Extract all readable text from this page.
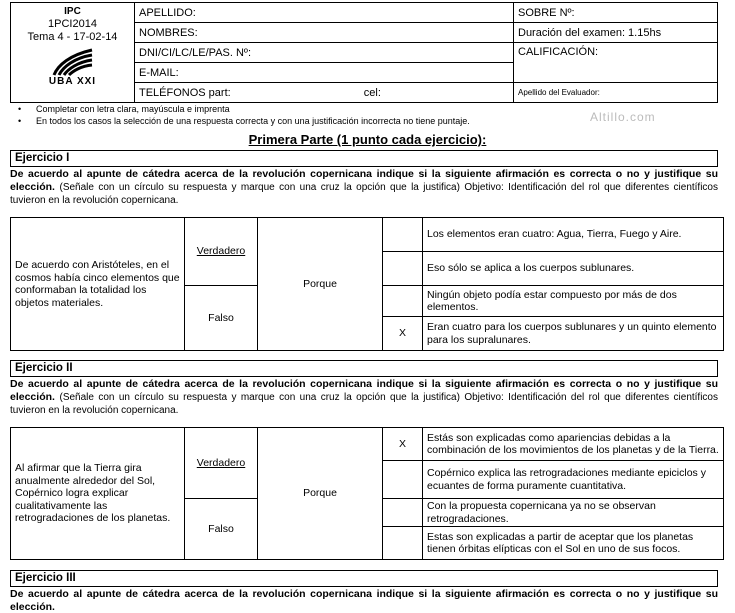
IPC
1PCI2014
Tema 4 - 17-02-14
UBA XXI	APELLIDO:	SOBRE Nº:
	NOMBRES:	Duración del examen: 1.15hs
	DNI/CI/LC/LE/PAS. Nº:	CALIFICACIÓN:
	E-MAIL:	
	TELÉFONOS part: cel:	Apellido del Evaluador:
• Completar con letra clara, mayúscula e imprenta
• En todos los casos la selección de una respuesta correcta y con una justificación incorrecta no tiene puntaje.	Altillo.com
Primera Parte (1 punto cada ejercicio):
Ejercicio I
De acuerdo al apunte de cátedra acerca de la revolución copernicana indique si la siguiente afirmación es correcta o no y justifique su elección. (Señale con un círculo su respuesta y marque con una cruz la opción que la justifica) Objetivo: Identificación del rol que diferentes científicos tuvieron en la revolución copernicana.
De acuerdo con Aristóteles, en el cosmos había cinco elementos que conformaban la totalidad los objetos materiales.	Verdadero	Porque		Los elementos eran cuatro: Agua, Tierra, Fuego y Aire.
				Eso sólo se aplica a los cuerpos sublunares.
	Falso			Ningún objeto podía estar compuesto por más de dos elementos.
			X	Eran cuatro para los cuerpos sublunares y un quinto elemento para los supralunares.
Ejercicio II
De acuerdo al apunte de cátedra acerca de la revolución copernicana indique si la siguiente afirmación es correcta o no y justifique su elección. (Señale con un círculo su respuesta y marque con una cruz la opción que la justifica) Objetivo: Identificación del rol que diferentes científicos tuvieron en la revolución copernicana.
Al afirmar que la Tierra gira anualmente alrededor del Sol, Copérnico logra explicar cualitativamente las retrogradaciones de los planetas.	Verdadero	Porque	X	Estás son explicadas como apariencias debidas a la combinación de los movimientos de los planetas y de la Tierra.
				Copérnico explica las retrogradaciones mediante epiciclos y ecuantes de forma puramente cuantitativa.
	Falso			Con la propuesta copernicana ya no se observan retrogradaciones.
				Estas son explicadas a partir de aceptar que los planetas tienen órbitas elípticas con el Sol en uno de sus focos.
Ejercicio III
De acuerdo al apunte de cátedra acerca de la revolución copernicana indique si la siguiente afirmación es correcta o no y justifique su elección.
